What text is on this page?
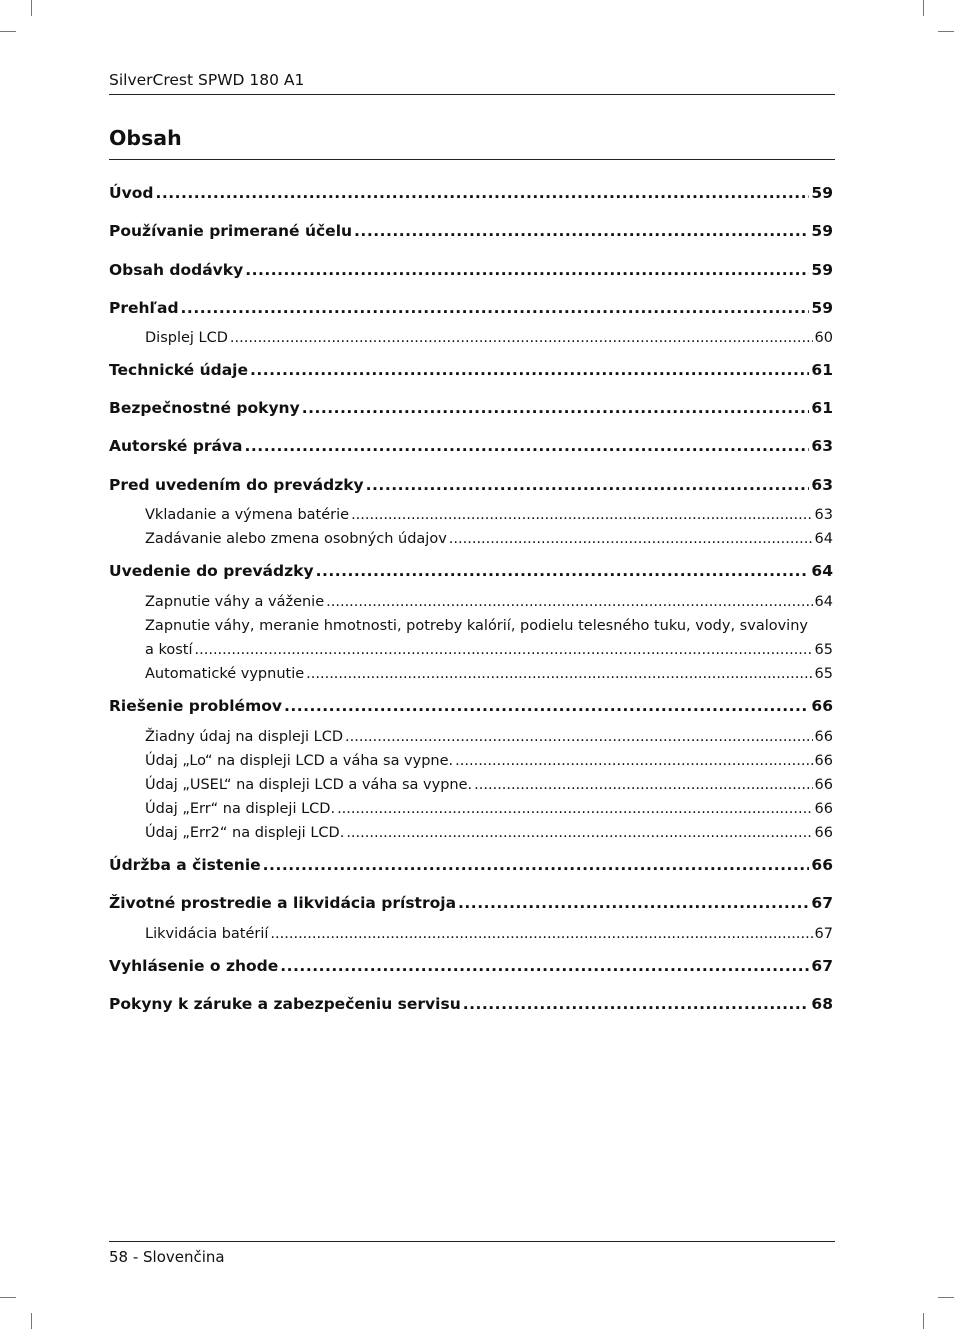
SilverCrest SPWD 180 A1
Obsah
Úvod .....	59
Používanie primerané účelu .....	59
Obsah dodávky .....	59
Prehľad .....	59
Displej LCD .....	60
Technické údaje .....	61
Bezpečnostné pokyny .....	61
Autorské práva .....	63
Pred uvedením do prevádzky .....	63
Vkladanie a výmena batérie .....	63
Zadávanie alebo zmena osobných údajov .....	64
Uvedenie do prevádzky .....	64
Zapnutie váhy a váženie .....	64
Zapnutie váhy, meranie hmotnosti, potreby kalórií, podielu telesného tuku, vody, svaloviny
a kostí .....	65
Automatické vypnutie .....	65
Riešenie problémov .....	66
Žiadny údaj na displeji LCD .....	66
Údaj „Lo“ na displeji LCD a váha sa vypne. .....	66
Údaj „USEL“ na displeji LCD a váha sa vypne. .....	66
Údaj „Err“ na displeji LCD. .....	66
Údaj „Err2“ na displeji LCD. .....	66
Údržba a čistenie .....	66
Životné prostredie a likvidácia prístroja .....	67
Likvidácia batérií .....	67
Vyhlásenie o zhode .....	67
Pokyny k záruke a zabezpečeniu servisu .....	68
58 - Slovenčina
